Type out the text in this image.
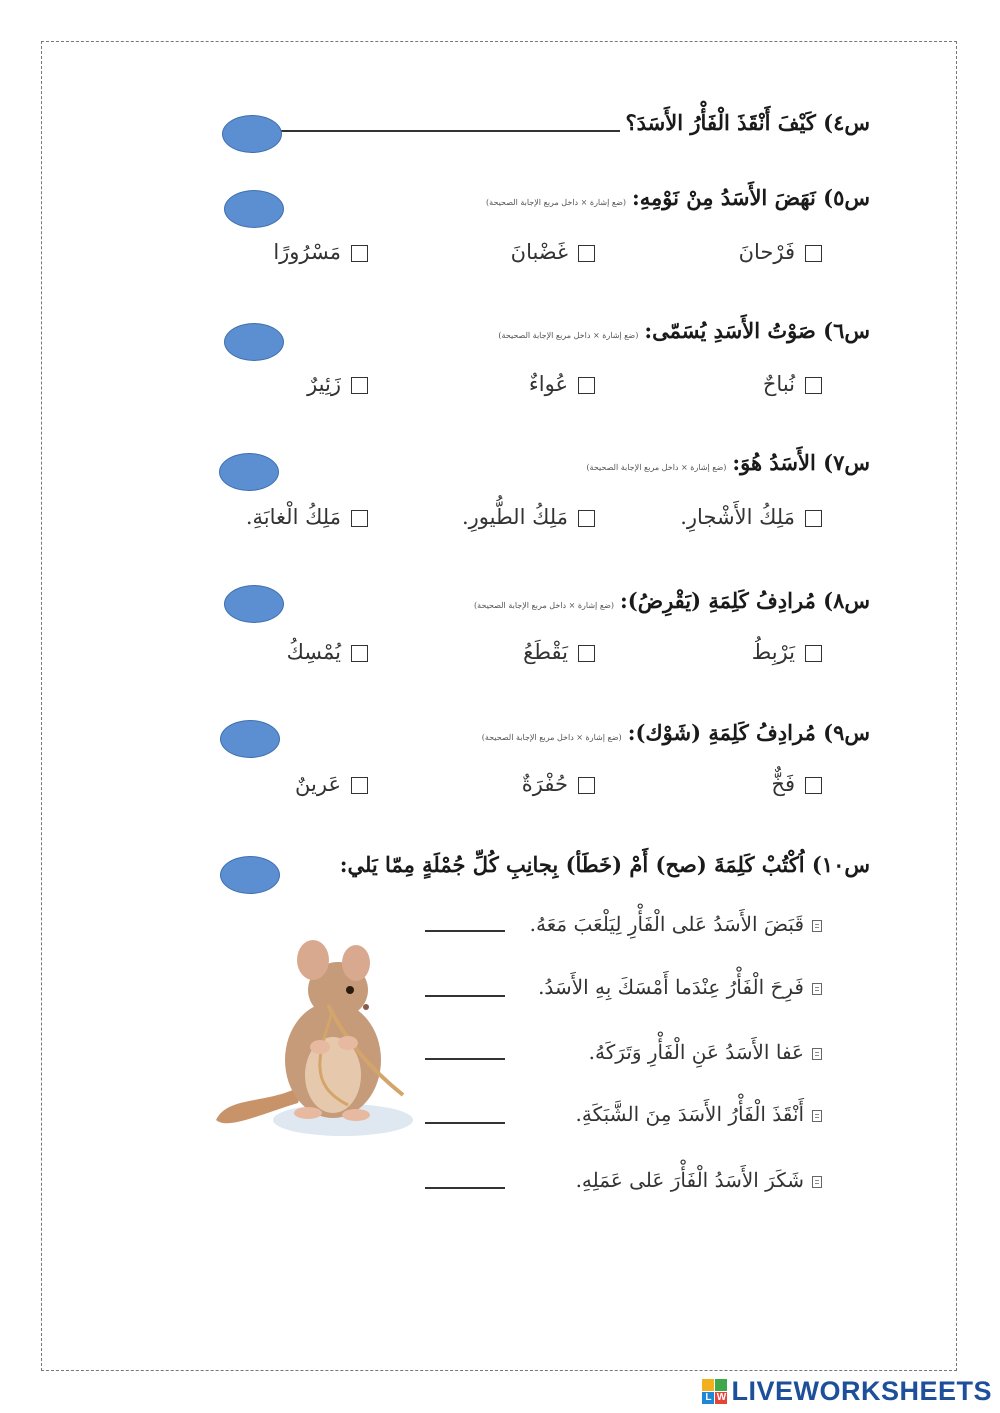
س٤) كَيْفَ أَنْقَذَ الْفَأْرُ الأَسَدَ؟
س٥) نَهَضَ الأَسَدُ مِنْ نَوْمِهِ:(ضع إشارة × داخل مربع الإجابة الصحيحة)
فَرْحانَ
غَضْبانَ
مَسْرُورًا
س٦) صَوْتُ الأَسَدِ يُسَمّى:(ضع إشارة × داخل مربع الإجابة الصحيحة)
نُباحٌ
عُواءٌ
زَئِيرٌ
س٧) الأَسَدُ هُوَ:(ضع إشارة × داخل مربع الإجابة الصحيحة)
مَلِكُ الأَشْجارِ.
مَلِكُ الطُّيورِ.
مَلِكُ الْغابَةِ.
س٨) مُرادِفُ كَلِمَةِ (يَقْرِضُ):(ضع إشارة × داخل مربع الإجابة الصحيحة)
يَرْبِطُ
يَقْطَعُ
يُمْسِكُ
س٩) مُرادِفُ كَلِمَةِ (شَوْك):(ضع إشارة × داخل مربع الإجابة الصحيحة)
فَخٌّ
حُفْرَةٌ
عَرينٌ
س١٠) اُكْتُبْ كَلِمَةَ (صح) أَمْ (خَطَأ) بِجانِبِ كُلِّ جُمْلَةٍ مِمّا يَلي:
قَبَضَ الأَسَدُ عَلى الْفَأْرِ لِيَلْعَبَ مَعَهُ.
فَرِحَ الْفَأْرُ عِنْدَما أَمْسَكَ بِهِ الأَسَدُ.
عَفا الأَسَدُ عَنِ الْفَأْرِ وَتَرَكَهُ.
أَنْقَذَ الْفَأْرُ الأَسَدَ مِنَ الشَّبَكَةِ.
شَكَرَ الأَسَدُ الْفَأْرَ عَلى عَمَلِهِ.
L W LIVEWORKSHEETS
